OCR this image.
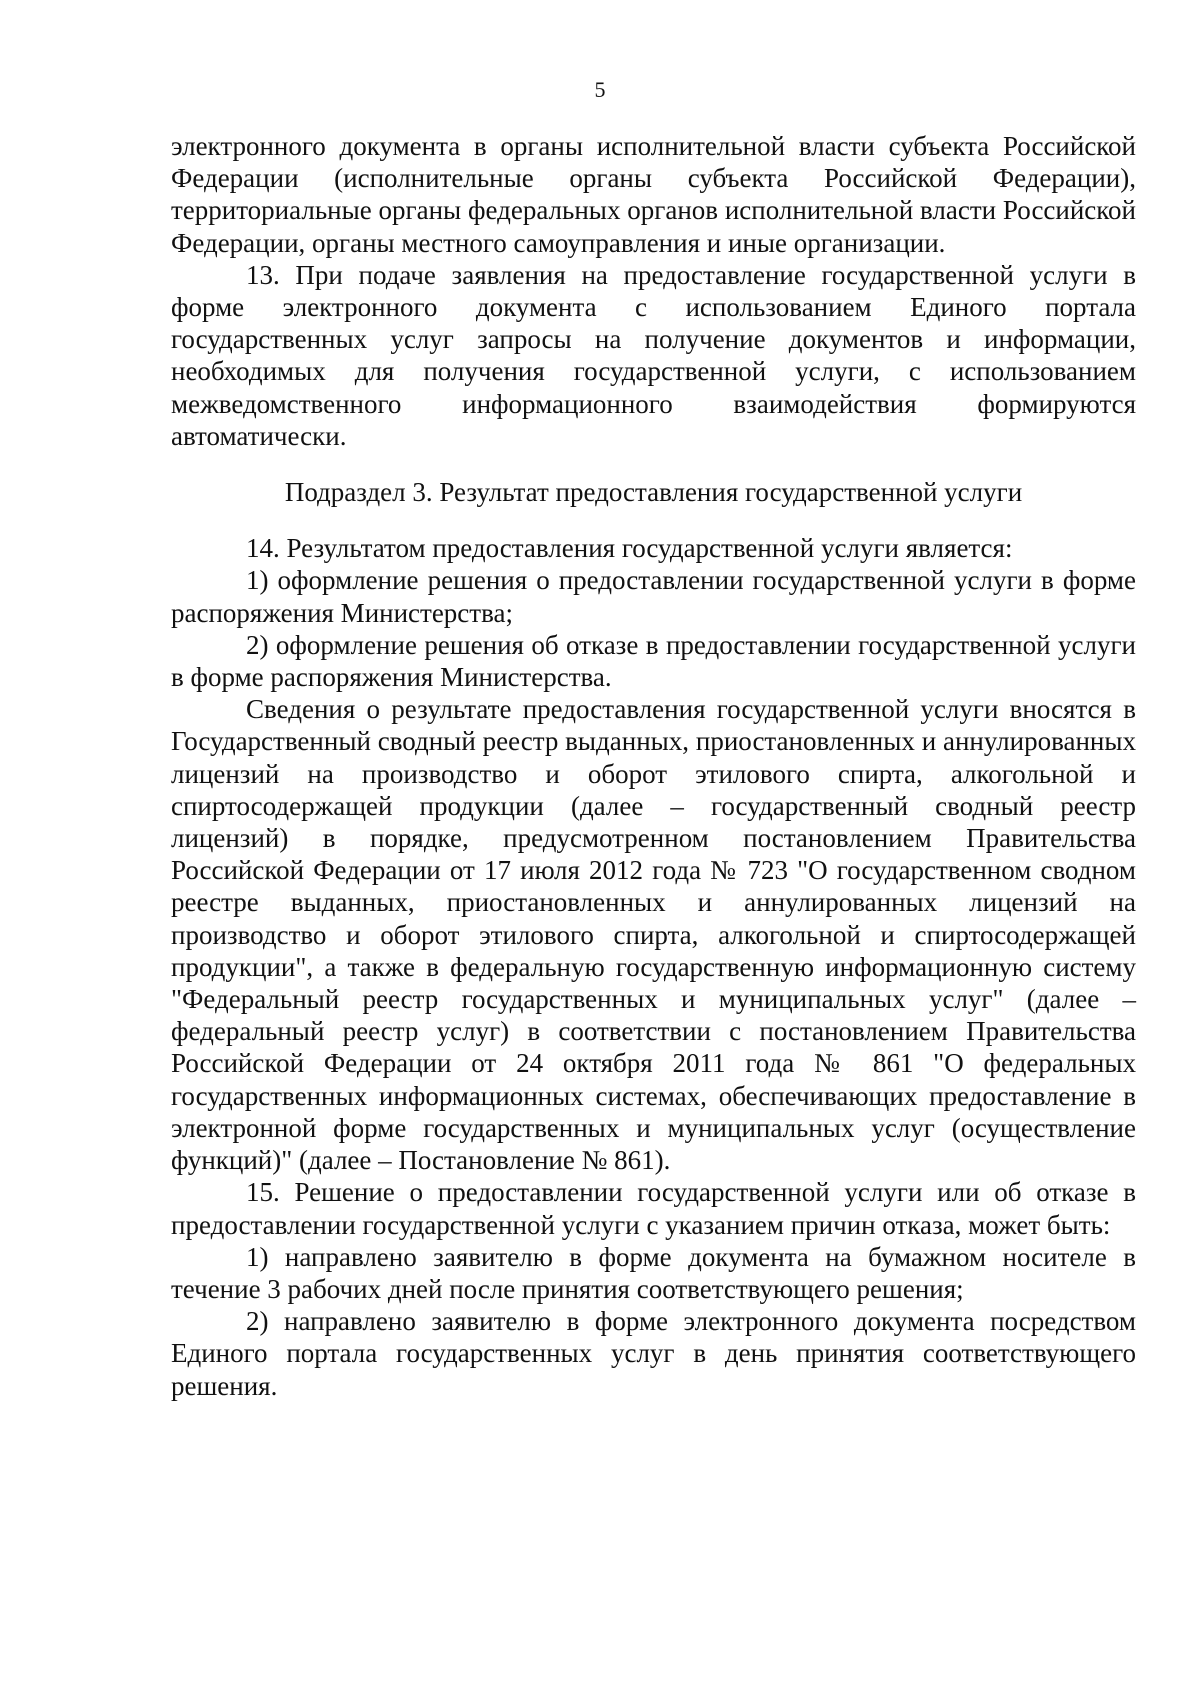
5

электронного документа в органы исполнительной власти субъекта Российской Федерации (исполнительные органы субъекта Российской Федерации), территориальные органы федеральных органов исполнительной власти Российской Федерации, органы местного самоуправления и иные организации.

13. При подаче заявления на предоставление государственной услуги в форме электронного документа с использованием Единого портала государственных услуг запросы на получение документов и информации, необходимых для получения государственной услуги, с использованием межведомственного информационного взаимодействия формируются автоматически.

Подраздел 3. Результат предоставления государственной услуги

14. Результатом предоставления государственной услуги является:

1) оформление решения о предоставлении государственной услуги в форме распоряжения Министерства;

2) оформление решения об отказе в предоставлении государственной услуги в форме распоряжения Министерства.

Сведения о результате предоставления государственной услуги вносятся в Государственный сводный реестр выданных, приостановленных и аннулированных лицензий на производство и оборот этилового спирта, алкогольной и спиртосодержащей продукции (далее – государственный сводный реестр лицензий) в порядке, предусмотренном постановлением Правительства Российской Федерации от 17 июля 2012 года № 723 "О государственном сводном реестре выданных, приостановленных и аннулированных лицензий на производство и оборот этилового спирта, алкогольной и спиртосодержащей продукции", а также в федеральную государственную информационную систему "Федеральный реестр государственных и муниципальных услуг" (далее – федеральный реестр услуг) в соответствии с постановлением Правительства Российской Федерации от 24 октября 2011 года № 861 "О федеральных государственных информационных системах, обеспечивающих предоставление в электронной форме государственных и муниципальных услуг (осуществление функций)" (далее – Постановление № 861).

15. Решение о предоставлении государственной услуги или об отказе в предоставлении государственной услуги с указанием причин отказа, может быть:

1) направлено заявителю в форме документа на бумажном носителе в течение 3 рабочих дней после принятия соответствующего решения;

2) направлено заявителю в форме электронного документа посредством Единого портала государственных услуг в день принятия соответствующего решения.
